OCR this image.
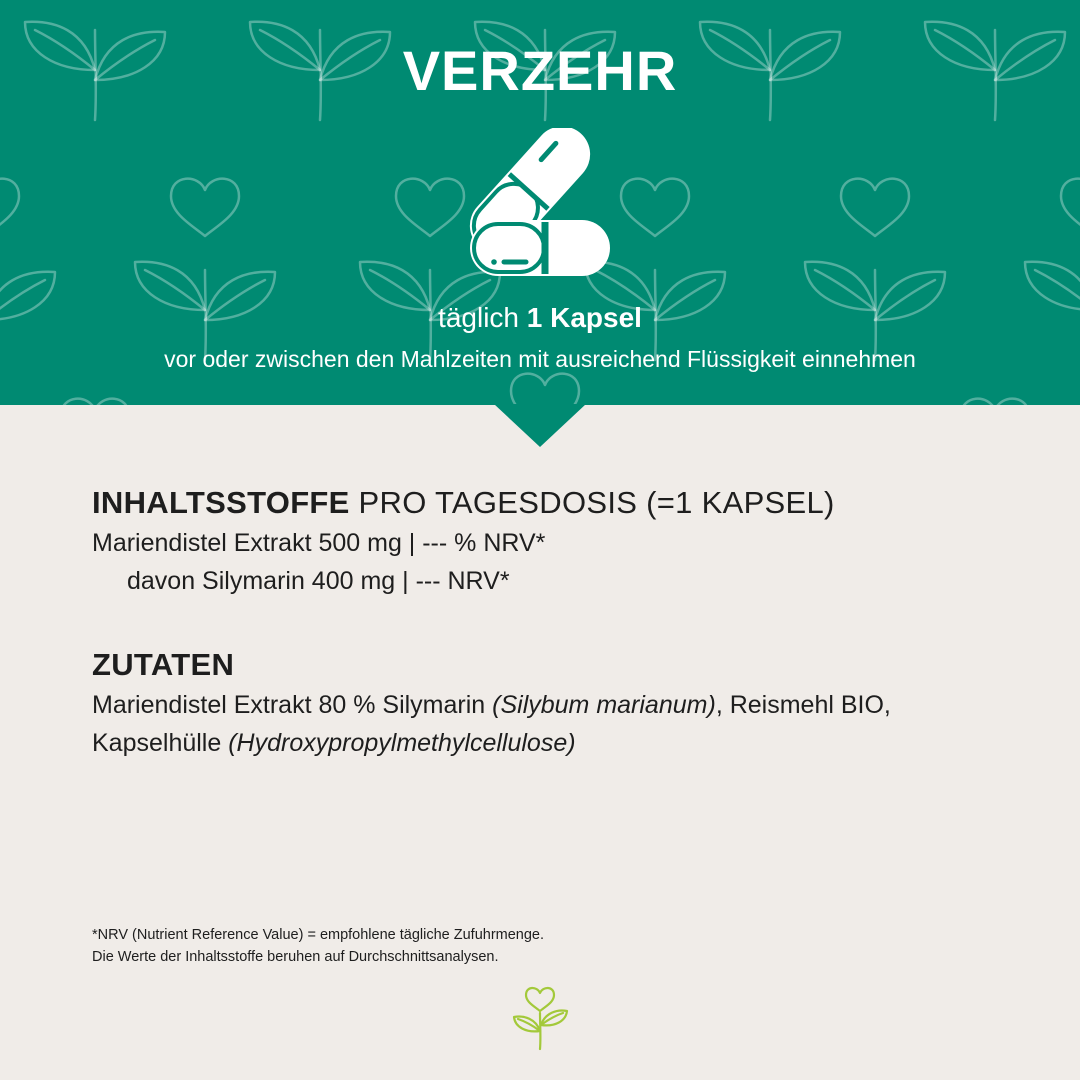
VERZEHR
täglich 1 Kapsel
vor oder zwischen den Mahlzeiten mit ausreichend Flüssigkeit einnehmen

INHALTSSTOFFE PRO TAGESDOSIS (=1 KAPSEL)

Mariendistel Extrakt 500 mg | --- % NRV*

davon Silymarin 400 mg | --- NRV*

ZUTATEN

Mariendistel Extrakt 80 % Silymarin (Silybum marianum), Reismehl BIO,

Kapselhülle (Hydroxypropylmethylcellulose)

*NRV (Nutrient Reference Value) = empfohlene tägliche Zufuhrmenge.
Die Werte der Inhaltsstoffe beruhen auf Durchschnittsanalysen.
